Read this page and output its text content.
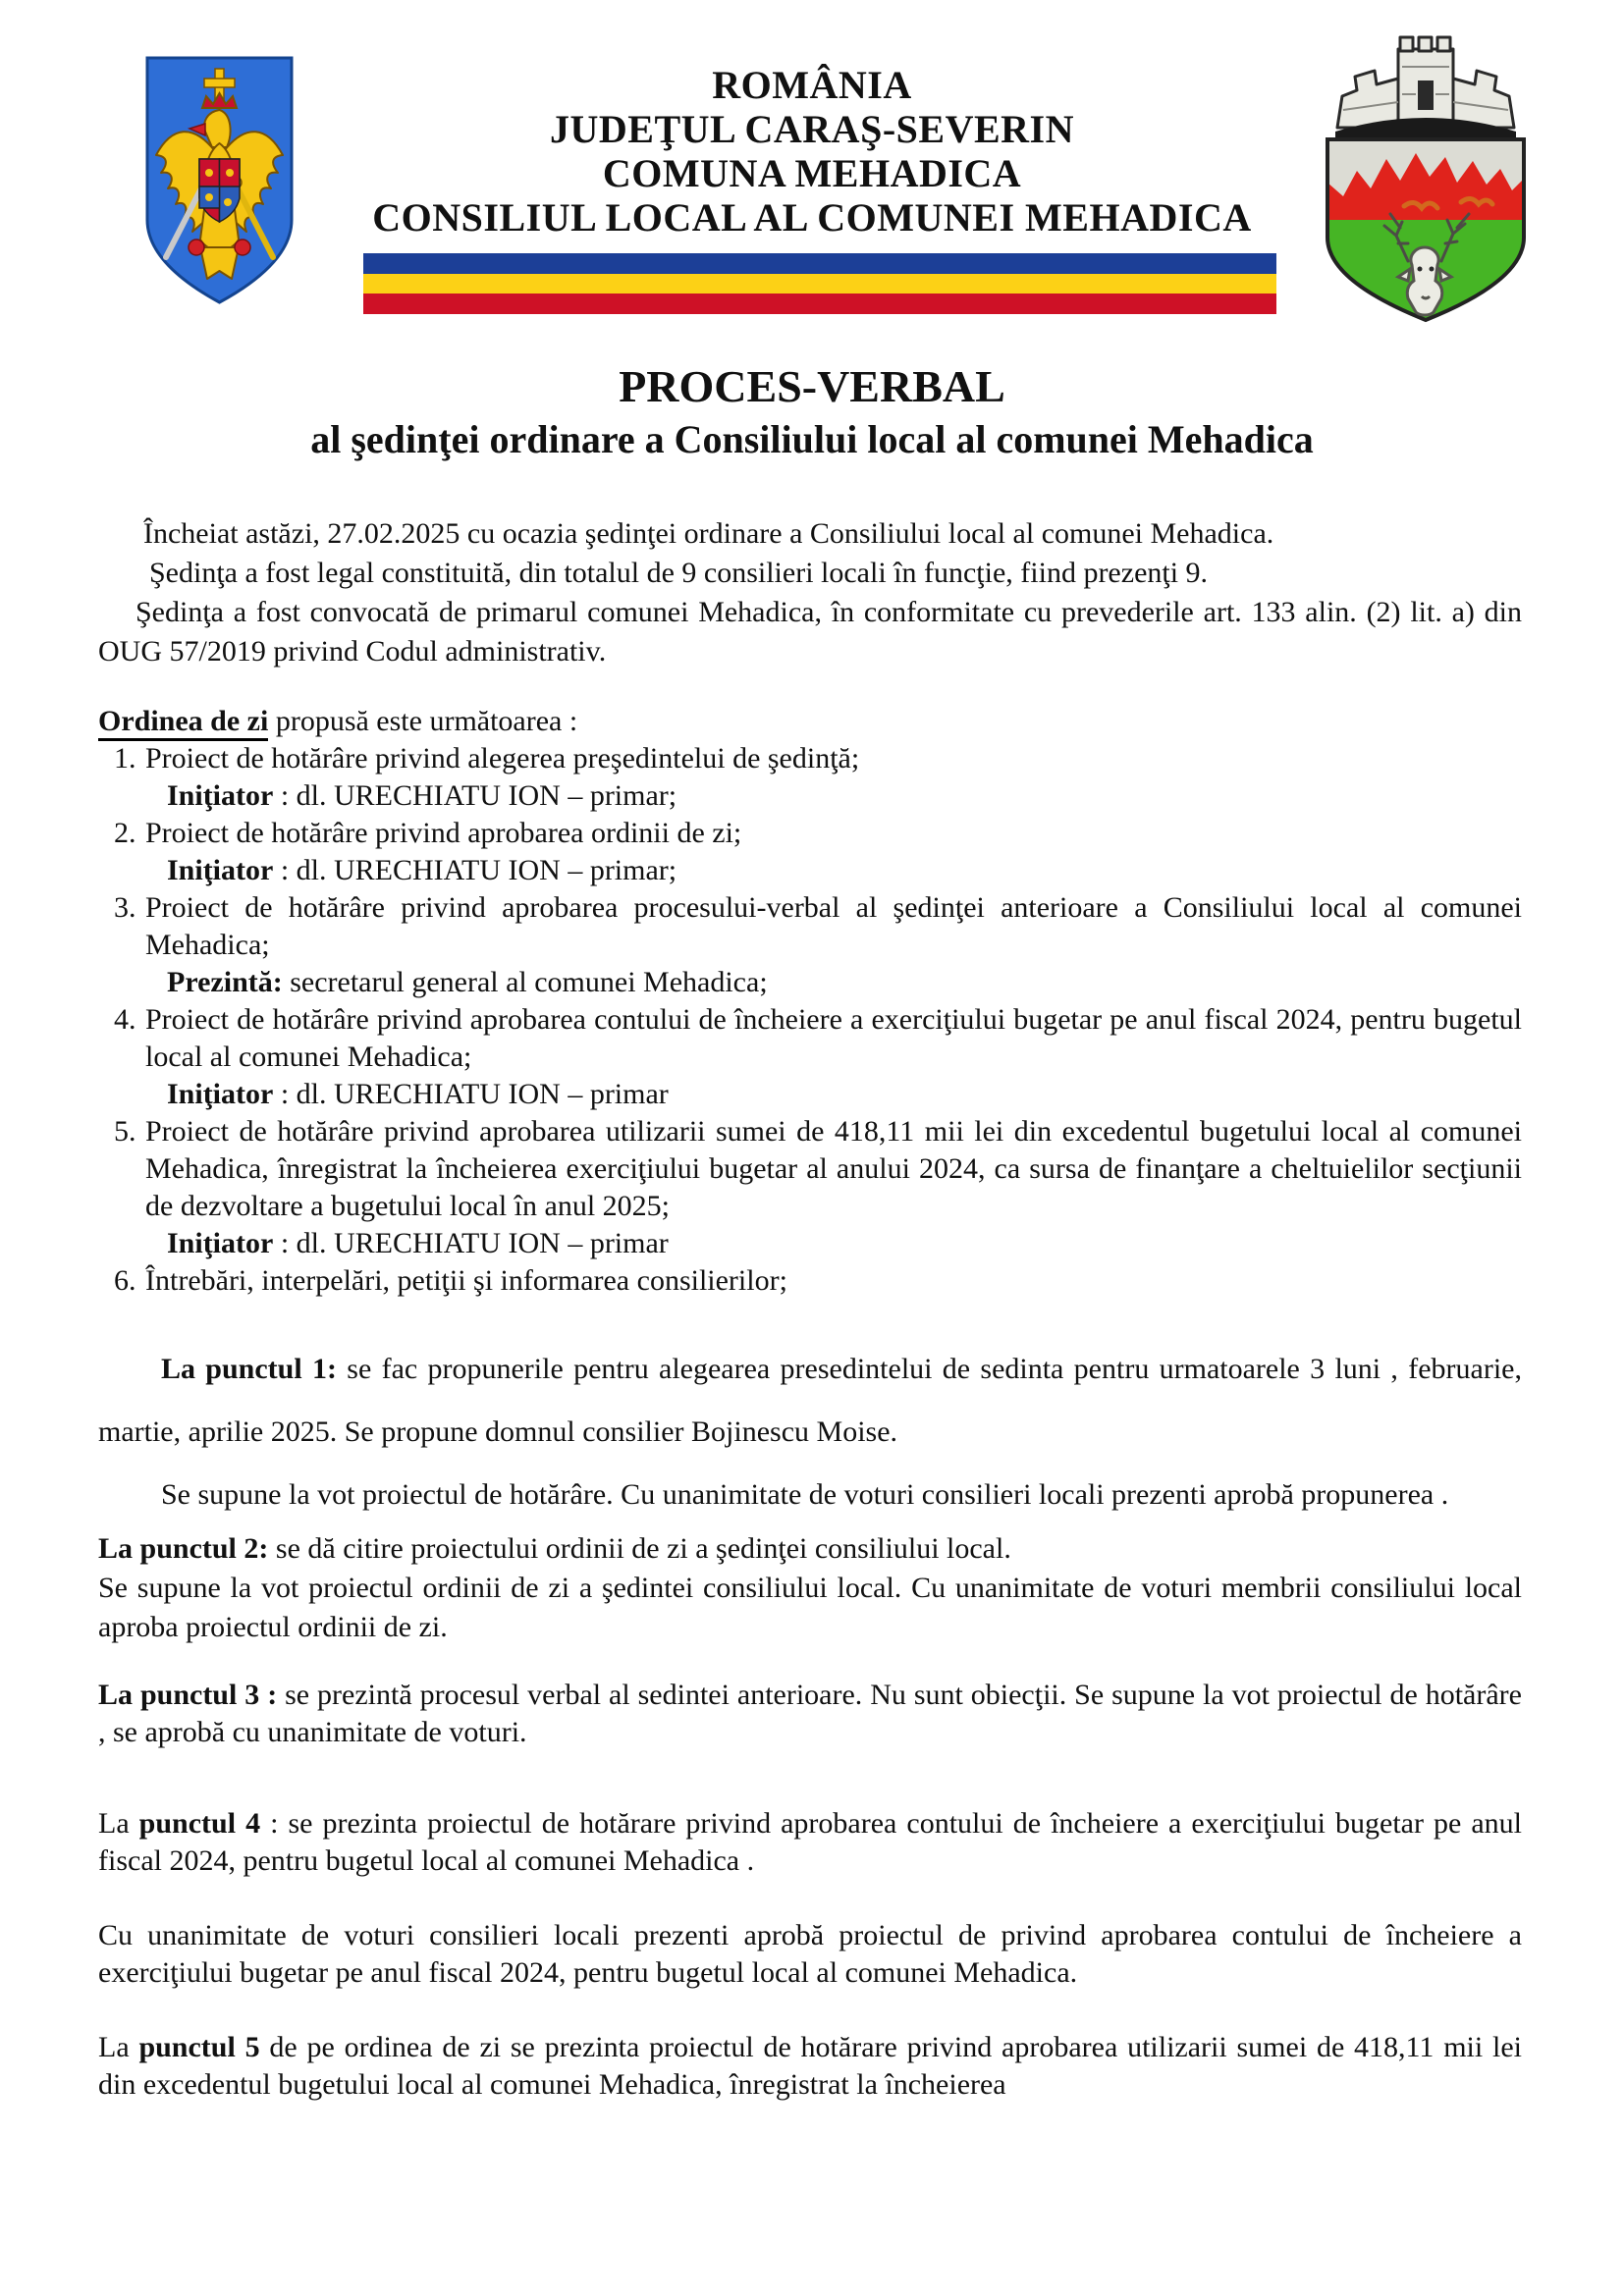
ROMÂNIA
JUDEŢUL CARAŞ-SEVERIN
COMUNA MEHADICA
CONSILIUL LOCAL AL COMUNEI MEHADICA
PROCES-VERBAL
al şedinţei ordinare a Consiliului local al comunei Mehadica

Încheiat astăzi, 27.02.2025 cu ocazia şedinţei ordinare a Consiliului local al comunei Mehadica.

Şedinţa a fost legal constituită, din totalul de 9 consilieri locali în funcţie, fiind prezenţi 9.

Şedinţa a fost convocată de primarul comunei Mehadica, în conformitate cu prevederile art. 133 alin. (2) lit. a) din OUG 57/2019 privind Codul administrativ.

Ordinea de zi propusă este următoarea :
1. Proiect de hotărâre privind alegerea preşedintelui de şedinţă;
Iniţiator : dl. URECHIATU ION – primar;
2. Proiect de hotărâre privind aprobarea ordinii de zi;
Iniţiator : dl. URECHIATU ION – primar;
3. Proiect de hotărâre privind aprobarea procesului-verbal al şedinţei anterioare a Consiliului local al comunei Mehadica;
Prezintă: secretarul general al comunei Mehadica;
4. Proiect de hotărâre privind aprobarea contului de încheiere a exerciţiului bugetar pe anul fiscal 2024, pentru bugetul local al comunei Mehadica;
Iniţiator : dl. URECHIATU ION – primar
5. Proiect de hotărâre privind aprobarea utilizarii sumei de 418,11 mii lei din excedentul bugetului local al comunei Mehadica, înregistrat la încheierea exerciţiului bugetar al anului 2024, ca sursa de finanţare a cheltuielilor secţiunii de dezvoltare a bugetului local în anul 2025;
Iniţiator : dl. URECHIATU ION – primar
6. Întrebări, interpelări, petiţii şi informarea consilierilor;

La punctul 1: se fac propunerile pentru alegearea presedintelui de sedinta pentru urmatoarele 3 luni , februarie, martie, aprilie 2025. Se propune domnul consilier Bojinescu Moise.

Se supune la vot proiectul de hotărâre. Cu unanimitate de voturi consilieri locali prezenti aprobă propunerea .

La punctul 2: se dă citire proiectului ordinii de zi a şedinţei consiliului local.

Se supune la vot proiectul ordinii de zi a şedintei consiliului local. Cu unanimitate de voturi membrii consiliului local aproba proiectul ordinii de zi.

La punctul 3 : se prezintă procesul verbal al sedintei anterioare. Nu sunt obiecţii. Se supune la vot proiectul de hotărâre , se aprobă cu unanimitate de voturi.

La punctul 4 : se prezinta proiectul de hotărare privind aprobarea contului de încheiere a exerciţiului bugetar pe anul fiscal 2024, pentru bugetul local al comunei Mehadica .

Cu unanimitate de voturi consilieri locali prezenti aprobă proiectul de privind aprobarea contului de încheiere a exerciţiului bugetar pe anul fiscal 2024, pentru bugetul local al comunei Mehadica.

La punctul 5 de pe ordinea de zi se prezinta proiectul de hotărare privind aprobarea utilizarii sumei de 418,11 mii lei din excedentul bugetului local al comunei Mehadica, înregistrat la încheierea
